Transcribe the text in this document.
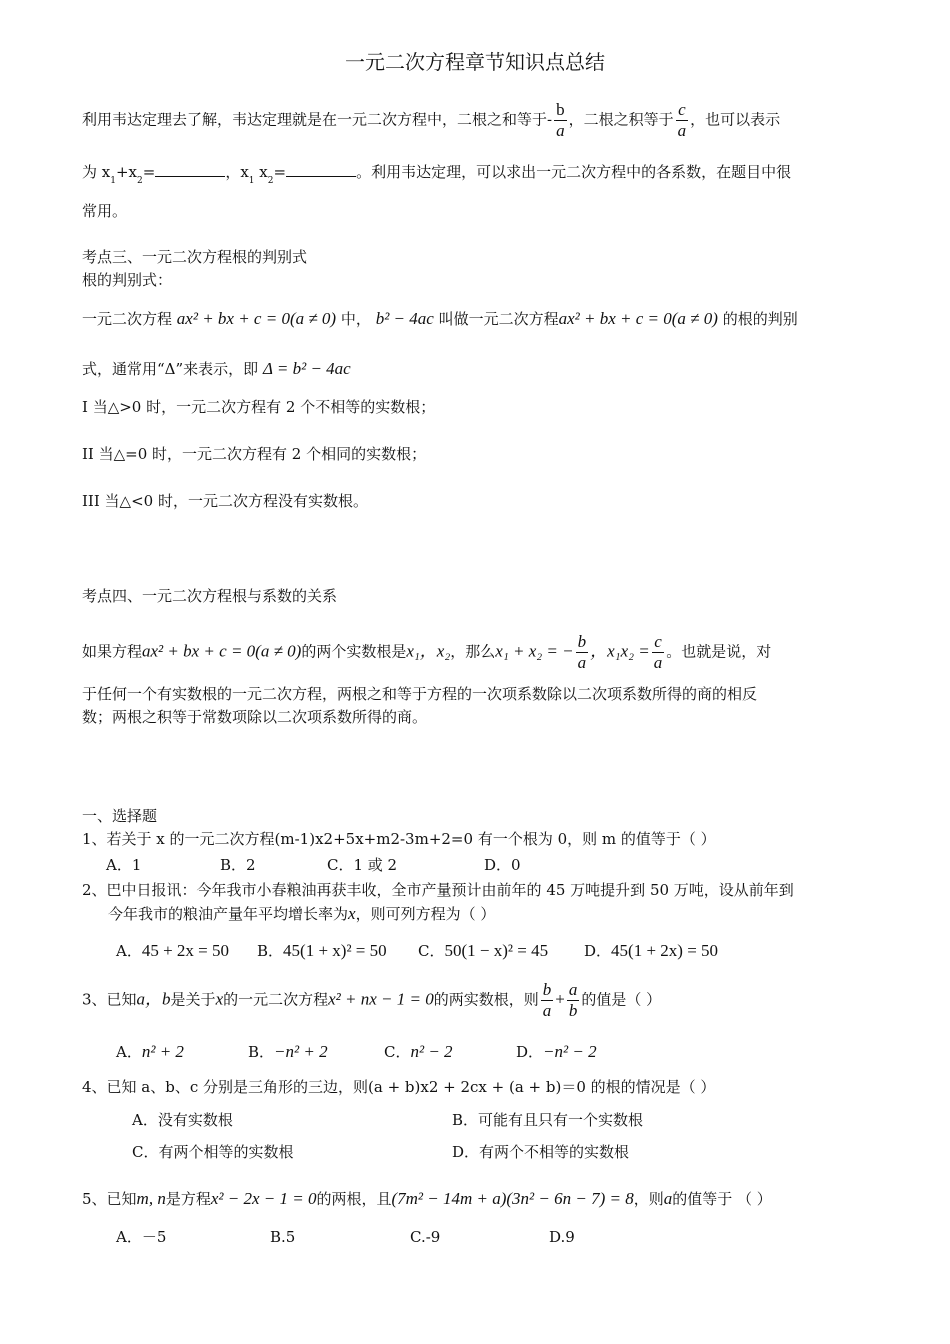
一元二次方程章节知识点总结
利用韦达定理去了解，韦达定理就是在一元二次方程中，二根之和等于- $\frac{b}{a}$ ，二根之积等于 $\frac{c}{a}$ ，也可以表示
为 $x_1+x_2=$	，$x_1$ $x_2=$	。利用韦达定理，可以求出一元二次方程中的各系数，在题目中很
常用。
考点三、一元二次方程根的判别式
根的判别式：
一元二次方程 ax² + bx + c = 0(a ≠ 0) 中， b² − 4ac 叫做一元二次方程ax² + bx + c = 0(a ≠ 0) 的根的判别
式，通常用“Δ”来表示，即 Δ = b² − 4ac
I 当△>0 时，一元二次方程有 2 个不相等的实数根；
II 当△=0 时，一元二次方程有 2 个相同的实数根；
III 当△<0 时，一元二次方程没有实数根。
考点四、一元二次方程根与系数的关系
如果方程ax² + bx + c = 0(a ≠ 0)的两个实数根是x₁，x₂，那么x₁ + x₂ = − $\frac{b}{a}$ ，$x_1x_2 = \frac{c}{a}$ 。也就是说，对
于任何一个有实数根的一元二次方程，两根之和等于方程的一次项系数除以二次项系数所得的商的相反
数；两根之积等于常数项除以二次项系数所得的商。
一、选择题
1、若关于 x 的一元二次方程(m-1)x2+5x+m2-3m+2=0 有一个根为 0，则 m 的值等于（ ）
A．1	B．2	C．1 或 2	D．0
2、巴中日报讯：今年我市小春粮油再获丰收，全市产量预计由前年的 45 万吨提升到 50 万吨，设从前年到
今年我市的粮油产量年平均增长率为x，则可列方程为（ ）
A．45 + 2x = 50 B．45(1 + x)² = 50 C．50(1 − x)² = 45 D．45(1 + 2x) = 50
3、已知a，b是关于x的一元二次方程x² + nx − 1 = 0的两实数根，则 $\frac{b}{a} + \frac{a}{b}$ 的值是（ ）
A．n² + 2	B．−n² + 2	C．n² − 2	D．−n² − 2
4、已知 a、b、c 分别是三角形的三边，则(a + b)x2 + 2cx + (a + b)＝0 的根的情况是（ ）
A．没有实数根	B．可能有且只有一个实数根
C．有两个相等的实数根	D．有两个不相等的实数根
5、已知m, n是方程x² − 2x − 1 = 0的两根，且(7m² − 14m + a)(3n² − 6n − 7) = 8，则a的值等于 （ ）
A．－5	B.5	C.-9	D.9
